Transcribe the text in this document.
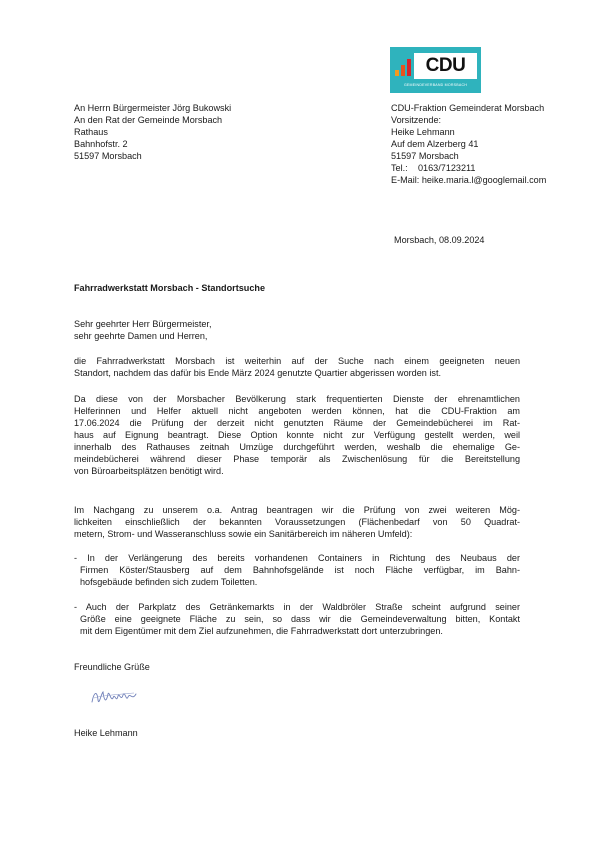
CDU
GEMEINDEVERBAND MORSBACH
An Herrn Bürgermeister Jörg Bukowski
An den Rat der Gemeinde Morsbach
Rathaus
Bahnhofstr. 2
51597 Morsbach
CDU-Fraktion Gemeinderat Morsbach
Vorsitzende:
Heike Lehmann
Auf dem Alzerberg 41
51597 Morsbach
Tel.: 0163/7123211
E-Mail: heike.maria.l@googlemail.com
Morsbach, 08.09.2024
Fahrradwerkstatt Morsbach - Standortsuche
Sehr geehrter Herr Bürgermeister,
sehr geehrte Damen und Herren,
die Fahrradwerkstatt Morsbach ist weiterhin auf der Suche nach einem geeigneten neuen
Standort, nachdem das dafür bis Ende März 2024 genutzte Quartier abgerissen worden ist.
Da diese von der Morsbacher Bevölkerung stark frequentierten Dienste der ehrenamtlichen
Helferinnen und Helfer aktuell nicht angeboten werden können, hat die CDU-Fraktion am
17.06.2024 die Prüfung der derzeit nicht genutzten Räume der Gemeindebücherei im Rat-
haus auf Eignung beantragt. Diese Option konnte nicht zur Verfügung gestellt werden, weil
innerhalb des Rathauses zeitnah Umzüge durchgeführt werden, weshalb die ehemalige Ge-
meindebücherei während dieser Phase temporär als Zwischenlösung für die Bereitstellung
von Büroarbeitsplätzen benötigt wird.
Im Nachgang zu unserem o.a. Antrag beantragen wir die Prüfung von zwei weiteren Mög-
lichkeiten einschließlich der bekannten Voraussetzungen (Flächenbedarf von 50 Quadrat-
metern, Strom- und Wasseranschluss sowie ein Sanitärbereich im näheren Umfeld):
- In der Verlängerung des bereits vorhandenen Containers in Richtung des Neubaus der
Firmen Köster/Stausberg auf dem Bahnhofsgelände ist noch Fläche verfügbar, im Bahn-
hofsgebäude befinden sich zudem Toiletten.
- Auch der Parkplatz des Getränkemarkts in der Waldbröler Straße scheint aufgrund seiner
Größe eine geeignete Fläche zu sein, so dass wir die Gemeindeverwaltung bitten, Kontakt
mit dem Eigentümer mit dem Ziel aufzunehmen, die Fahrradwerkstatt dort unterzubringen.
Freundliche Grüße
Heike Lehmann
